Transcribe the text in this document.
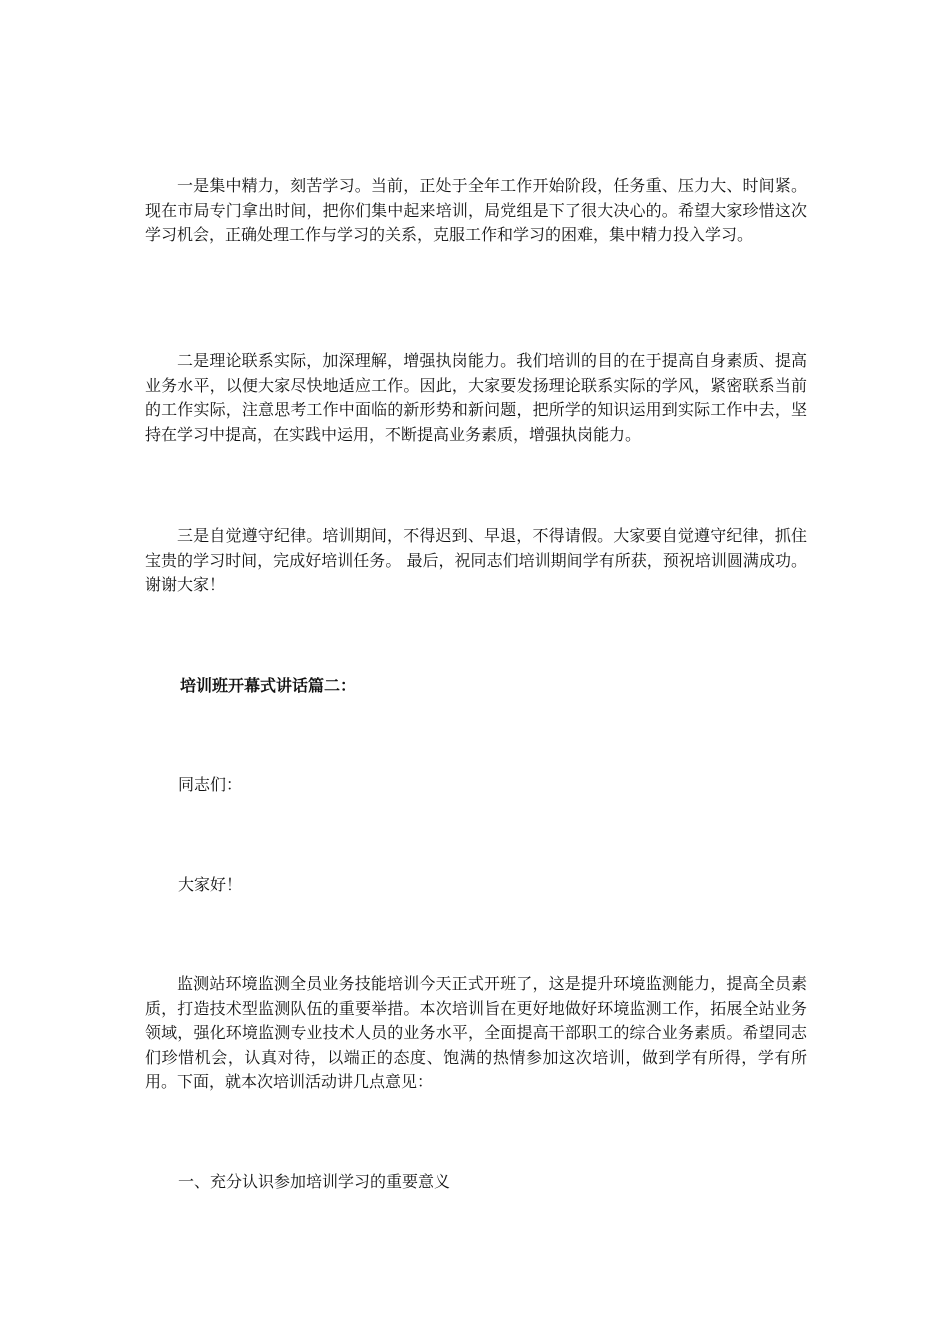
一是集中精力，刻苦学习。当前，正处于全年工作开始阶段，任务重、压力大、时间紧。现在市局专门拿出时间，把你们集中起来培训，局党组是下了很大决心的。希望大家珍惜这次学习机会，正确处理工作与学习的关系，克服工作和学习的困难，集中精力投入学习。

二是理论联系实际，加深理解，增强执岗能力。我们培训的目的在于提高自身素质、提高业务水平，以便大家尽快地适应工作。因此，大家要发扬理论联系实际的学风，紧密联系当前的工作实际，注意思考工作中面临的新形势和新问题，把所学的知识运用到实际工作中去，坚持在学习中提高，在实践中运用，不断提高业务素质，增强执岗能力。

三是自觉遵守纪律。培训期间，不得迟到、早退，不得请假。大家要自觉遵守纪律，抓住宝贵的学习时间，完成好培训任务。 最后，祝同志们培训期间学有所获，预祝培训圆满成功。 谢谢大家！

培训班开幕式讲话篇二：

同志们：

大家好！

监测站环境监测全员业务技能培训今天正式开班了，这是提升环境监测能力，提高全员素质，打造技术型监测队伍的重要举措。本次培训旨在更好地做好环境监测工作，拓展全站业务领域，强化环境监测专业技术人员的业务水平，全面提高干部职工的综合业务素质。希望同志们珍惜机会，认真对待，以端正的态度、饱满的热情参加这次培训，做到学有所得，学有所用。下面，就本次培训活动讲几点意见：

一、充分认识参加培训学习的重要意义
